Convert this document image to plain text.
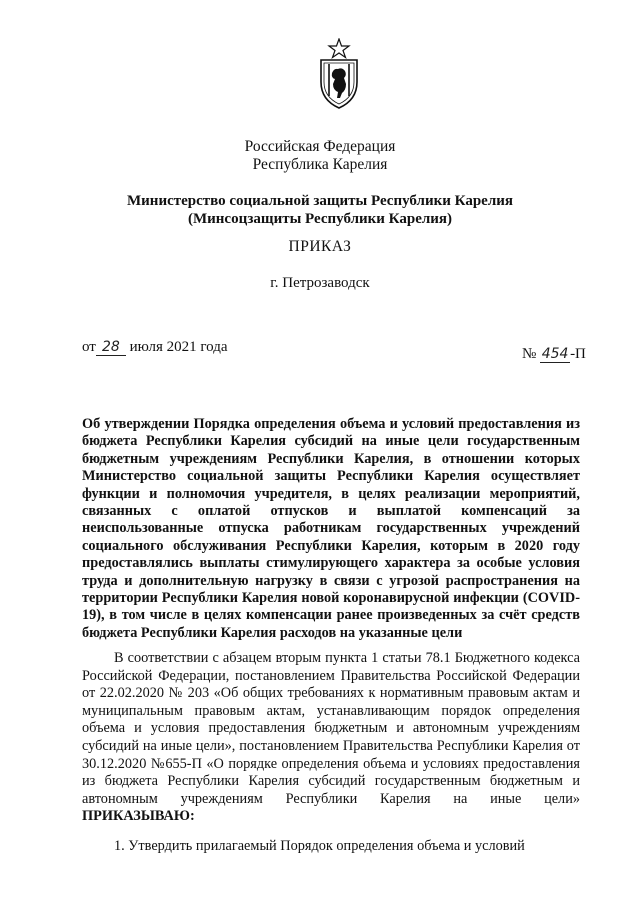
Российская Федерация
Республика Карелия
Министерство социальной защиты Республики Карелия
(Минсоцзащиты Республики Карелия)
ПРИКАЗ
г. Петрозаводск
от 28 июля 2021 года	№ 454 -П
Об утверждении Порядка определения объема и условий предоставления из бюджета Республики Карелия субсидий на иные цели государственным бюджетным учреждениям Республики Карелия, в отношении которых Министерство социальной защиты Республики Карелия осуществляет функции и полномочия учредителя, в целях реализации мероприятий, связанных с оплатой отпусков и выплатой компенсаций за неиспользованные отпуска работникам государственных учреждений социального обслуживания Республики Карелия, которым в 2020 году предоставлялись выплаты стимулирующего характера за особые условия труда и дополнительную нагрузку в связи с угрозой распространения на территории Республики Карелия новой коронавирусной инфекции (COVID-19), в том числе в целях компенсации ранее произведенных за счёт средств бюджета Республики Карелия расходов на указанные цели
В соответствии с абзацем вторым пункта 1 статьи 78.1 Бюджетного кодекса Российской Федерации, постановлением Правительства Российской Федерации от 22.02.2020 № 203 «Об общих требованиях к нормативным правовым актам и муниципальным правовым актам, устанавливающим порядок определения объема и условия предоставления бюджетным и автономным учреждениям субсидий на иные цели», постановлением Правительства Республики Карелия от 30.12.2020 №655-П «О порядке определения объема и условиях предоставления из бюджета Республики Карелия субсидий государственным бюджетным и автономным учреждениям Республики Карелия на иные цели» ПРИКАЗЫВАЮ:
1. Утвердить прилагаемый Порядок определения объема и условий
